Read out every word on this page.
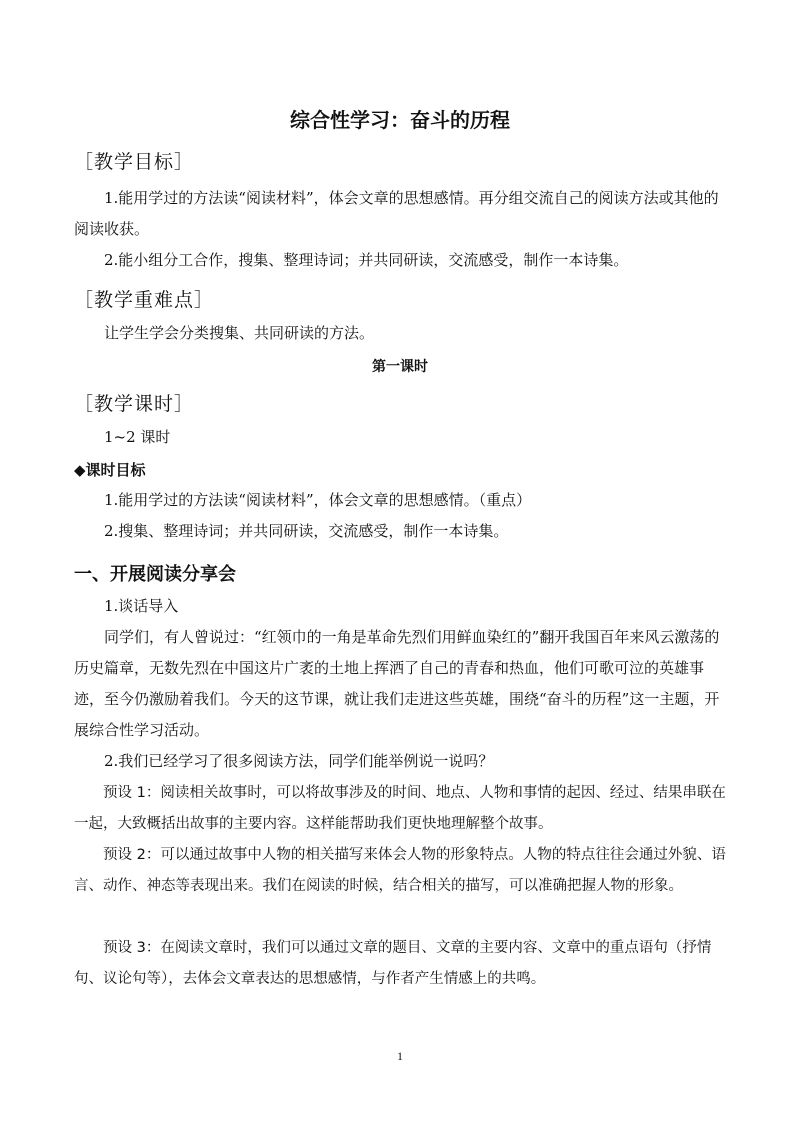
综合性学习：奋斗的历程
［教学目标］

1.能用学过的方法读“阅读材料”，体会文章的思想感情。再分组交流自己的阅读方法或其他的阅读收获。

2.能小组分工合作，搜集、整理诗词；并共同研读，交流感受，制作一本诗集。

［教学重难点］

让学生学会分类搜集、共同研读的方法。

第一课时
［教学课时］

1~2 课时

◆课时目标

1.能用学过的方法读“阅读材料”，体会文章的思想感情。（重点）

2.搜集、整理诗词；并共同研读，交流感受，制作一本诗集。

一、开展阅读分享会

1.谈话导入

同学们，有人曾说过：“红领巾的一角是革命先烈们用鲜血染红的”翻开我国百年来风云激荡的历史篇章，无数先烈在中国这片广袤的土地上挥洒了自己的青春和热血，他们可歌可泣的英雄事迹，至今仍激励着我们。今天的这节课，就让我们走进这些英雄，围绕“奋斗的历程”这一主题，开展综合性学习活动。

2.我们已经学习了很多阅读方法，同学们能举例说一说吗？

预设 1：阅读相关故事时，可以将故事涉及的时间、地点、人物和事情的起因、经过、结果串联在一起，大致概括出故事的主要内容。这样能帮助我们更快地理解整个故事。

预设 2：可以通过故事中人物的相关描写来体会人物的形象特点。人物的特点往往会通过外貌、语言、动作、神态等表现出来。我们在阅读的时候，结合相关的描写，可以准确把握人物的形象。

预设 3：在阅读文章时，我们可以通过文章的题目、文章的主要内容、文章中的重点语句（抒情句、议论句等），去体会文章表达的思想感情，与作者产生情感上的共鸣。

1
